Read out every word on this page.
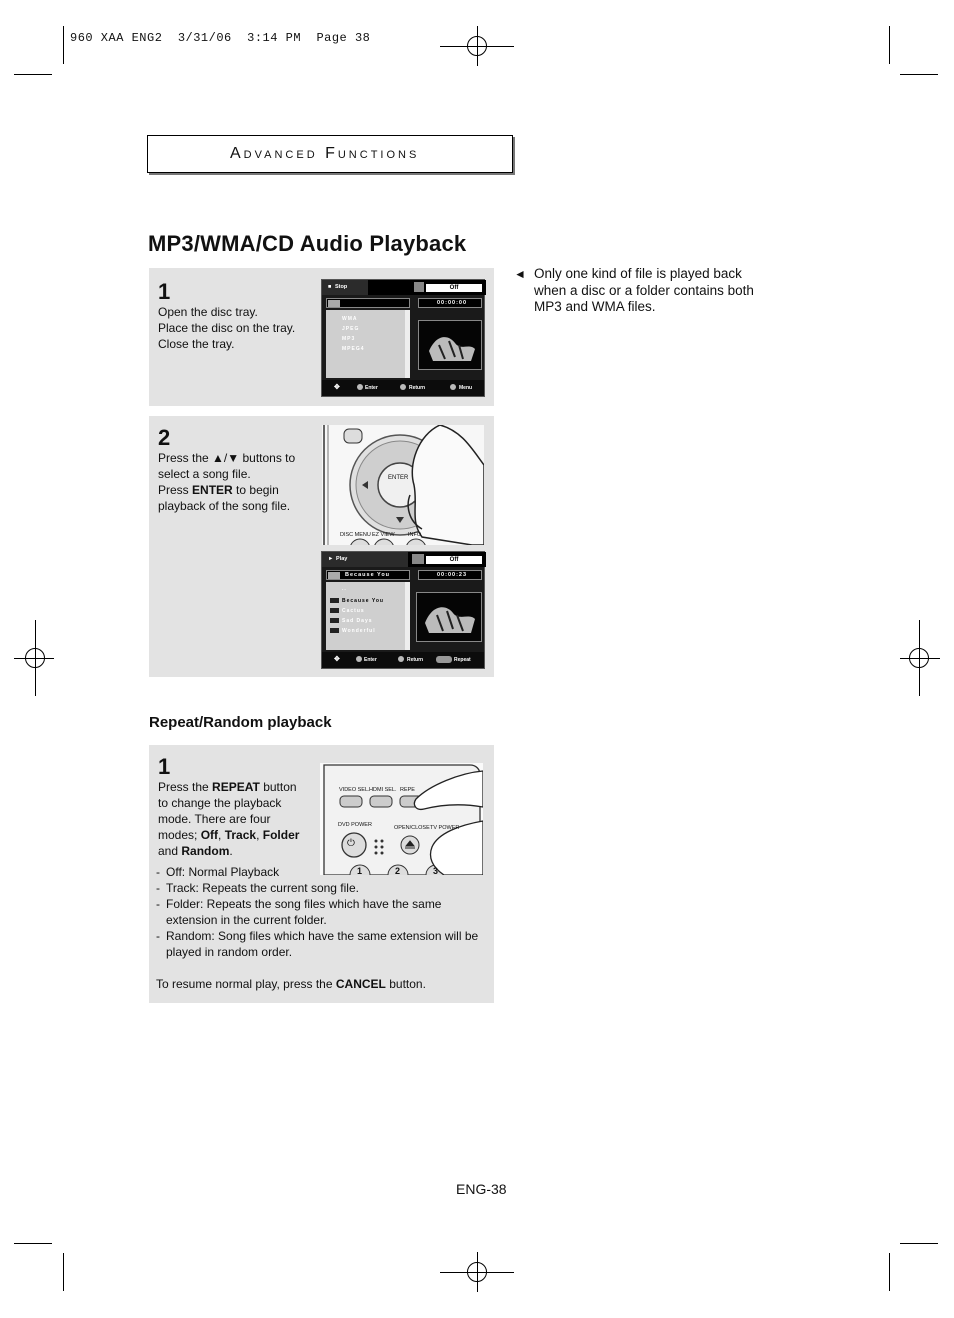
960 XAA ENG2  3/31/06  3:14 PM  Page 38
Advanced Functions
MP3/WMA/CD Audio Playback
◄ Only one kind of file is played back when a disc or a folder contains both MP3 and WMA files.
1
Open the disc tray.
Place the disc on the tray.
Close the tray.
■ Stop	Off
00:00:00
WMA
JPEG
MP3
MPEG4
✥	Enter	Return	Menu
2
Press the ▲/▼ buttons to
select a song file.
Press ENTER to begin
playback of the song file.
ENTER
DISC MENU EZ VIEW INFO
► Play	Off
Because You	00:00:23
..
Because You
Cactus
Sad Days
Wonderful
✥	Enter	Return	Repeat
Repeat/Random playback
1
Press the REPEAT button
to change the playback
mode. There are four
modes; Off, Track, Folder
and Random.
VIDEO SEL. HDMI SEL. REPE
DVD POWER	OPEN/CLOSE TV POWER
⏻
1	2	3
- Off: Normal Playback
- Track: Repeats the current song file.
- Folder: Repeats the song files which have the same extension in the current folder.
- Random: Song files which have the same extension will be played in random order.
To resume normal play, press the CANCEL button.
ENG-38
